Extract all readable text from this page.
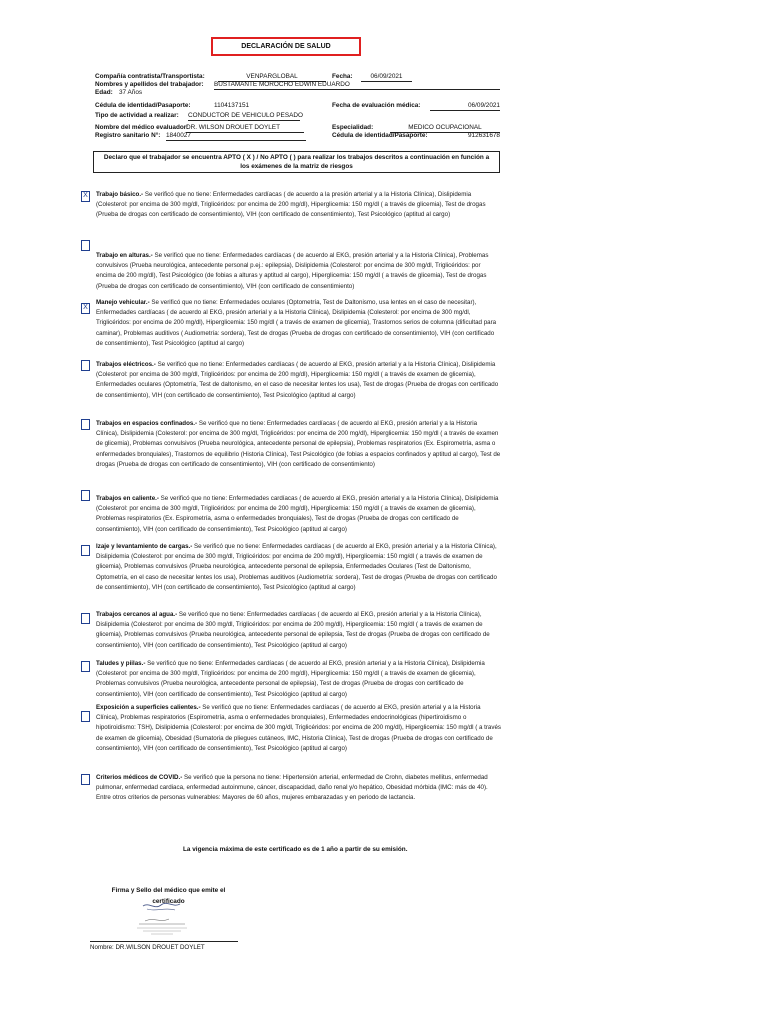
DECLARACIÓN DE SALUD
Compañía contratista/Transportista:	VENPARGLOBAL	Fecha:	06/09/2021
Nombres y apellidos del trabajador: BUSTAMANTE MOROCHO EDWIN EDUARDO
Edad: 37 Años
Cédula de identidad/Pasaporte:	1104137151	Fecha de evaluación médica:	06/09/2021
Tipo de actividad a realizar: CONDUCTOR DE VEHICULO PESADO
Nombre del médico evaluador:
DR. WILSON DROUET DOYLET	Especialidad:	MEDICO OCUPACIONAL
Registro sanitario N°: 1840027	Cédula de identidad/Pasaporte:	912631678
Declaro que el trabajador se encuentra APTO ( X ) / No APTO ( ) para realizar los trabajos descritos a continuación en función a
los exámenes de la matriz de riesgos
X	Trabajo básico.- Se verificó que no tiene: Enfermedades cardíacas ( de acuerdo a la presión arterial y a la Historia Clínica), Dislipidemia (Colesterol: por encima de 300 mg/dl, Triglicéridos: por encima de 200 mg/dl), Hiperglicemia: 150 mg/dl ( a través de glicemia), Test de drogas (Prueba de drogas con certificado de consentimiento), VIH (con certificado de consentimiento), Test Psicológico (aptitud al cargo)
Trabajo en alturas.- Se verificó que no tiene: Enfermedades cardíacas ( de acuerdo al EKG, presión arterial y a la Historia Clínica), Problemas convulsivos (Prueba neurológica, antecedente personal p.ej.: epilepsia), Dislipidemia (Colesterol: por encima de 300 mg/dl, Triglicéridos: por encima de 200 mg/dl), Test Psicológico (de fobias a alturas y aptitud al cargo), Hiperglicemia: 150 mg/dl ( a través de glicemia), Test de drogas (Prueba de drogas con certificado de consentimiento), VIH (con certificado de consentimiento)
X
Manejo vehicular.- Se verificó que no tiene: Enfermedades oculares (Optometría, Test de Daltonismo, usa lentes en el caso de necesitar), Enfermedades cardíacas ( de acuerdo al EKG, presión arterial y a la Historia Clínica), Dislipidemia (Colesterol: por encima de 300 mg/dl, Triglicéridos: por encima de 200 mg/dl), Hiperglicemia: 150 mg/dl ( a través de examen de glicemia), Trastornos serios de columna (dificultad para caminar), Problemas auditivos ( Audiometría: sordera), Test de drogas (Prueba de drogas con certificado de consentimiento), VIH (con certificado de consentimiento), Test Psicológico (aptitud al cargo)
Trabajos eléctricos.- Se verificó que no tiene: Enfermedades cardíacas ( de acuerdo al EKG, presión arterial y a la Historia Clínica), Dislipidemia (Colesterol: por encima de 300 mg/dl, Triglicéridos: por encima de 200 mg/dl), Hiperglicemia: 150 mg/dl ( a través de examen de glicemia), Enfermedades oculares (Optometría, Test de daltonismo, en el caso de necesitar lentes los usa), Test de drogas (Prueba de drogas con certificado de consentimiento), VIH (con certificado de consentimiento), Test Psicológico (aptitud al cargo)
Trabajos en espacios confinados.- Se verificó que no tiene: Enfermedades cardíacas ( de acuerdo al EKG, presión arterial y a la Historia Clínica), Dislipidemia (Colesterol: por encima de 300 mg/dl, Triglicéridos: por encima de 200 mg/dl), Hiperglicemia: 150 mg/dl ( a través de examen de glicemia), Problemas convulsivos (Prueba neurológica, antecedente personal de epilepsia), Problemas respiratorios (Ex. Espirometría, asma o enfermedades bronquiales), Trastornos de equilibrio (Historia Clínica), Test Psicológico (de fobias a espacios confinados y aptitud al cargo), Test de drogas (Prueba de drogas con certificado de consentimiento), VIH (con certificado de consentimiento)
Trabajos en caliente.- Se verificó que no tiene: Enfermedades cardíacas ( de acuerdo al EKG, presión arterial y a la Historia Clínica), Dislipidemia (Colesterol: por encima de 300 mg/dl, Triglicéridos: por encima de 200 mg/dl), Hiperglicemia: 150 mg/dl ( a través de examen de glicemia), Problemas respiratorios (Ex. Espirometría, asma o enfermedades bronquiales), Test de drogas (Prueba de drogas con certificado de consentimiento), VIH (con certificado de consentimiento), Test Psicológico (aptitud al cargo)
Izaje y levantamiento de cargas.- Se verificó que no tiene: Enfermedades cardíacas ( de acuerdo al EKG, presión arterial y a la Historia Clínica), Dislipidemia (Colesterol: por encima de 300 mg/dl, Triglicéridos: por encima de 200 mg/dl), Hiperglicemia: 150 mg/dl ( a través de examen de glicemia), Problemas convulsivos (Prueba neurológica, antecedente personal de epilepsia, Enfermedades Oculares (Test de Daltonismo, Optometría, en el caso de necesitar lentes los usa), Problemas auditivos (Audiometría: sordera), Test de drogas (Prueba de drogas con certificado de consentimiento), VIH (con certificado de consentimiento), Test Psicológico (aptitud al cargo)
Trabajos cercanos al agua.- Se verificó que no tiene: Enfermedades cardíacas ( de acuerdo al EKG, presión arterial y a la Historia Clínica), Dislipidemia (Colesterol: por encima de 300 mg/dl, Triglicéridos: por encima de 200 mg/dl), Hiperglicemia: 150 mg/dl ( a través de examen de glicemia), Problemas convulsivos (Prueba neurológica, antecedente personal de epilepsia, Test de drogas (Prueba de drogas con certificado de consentimiento), VIH (con certificado de consentimiento), Test Psicológico (aptitud al cargo)
Taludes y piilas.- Se verificó que no tiene: Enfermedades cardíacas ( de acuerdo al EKG, presión arterial y a la Historia Clínica), Dislipidemia (Colesterol: por encima de 300 mg/dl, Triglicéridos: por encima de 200 mg/dl), Hiperglicemia: 150 mg/dl ( a través de examen de glicemia), Problemas convulsivos (Prueba neurológica, antecedente personal de epilepsia), Test de drogas (Prueba de drogas con certificado de consentimiento), VIH (con certificado de consentimiento), Test Psicológico (aptitud al cargo)
Exposición a superficies calientes.- Se verificó que no tiene: Enfermedades cardíacas ( de acuerdo al EKG, presión arterial y a la Historia Clínica), Problemas respiratorios (Espirometría, asma o enfermedades bronquiales), Enfermedades endocrinológicas (hipertiroidismo o hipotiroidismo: TSH), Dislipidemia (Colesterol: por encima de 300 mg/dl, Triglicéridos: por encima de 200 mg/dl), Hiperglicemia: 150 mg/dl ( a través de examen de glicemia), Obesidad (Sumatoria de pliegues cutáneos, IMC, Historia Clínica), Test de drogas (Prueba de drogas con certificado de consentimiento), VIH (con certificado de consentimiento), Test Psicológico (aptitud al cargo)
Criterios médicos de COVID.- Se verificó que la persona no tiene: Hipertensión arterial, enfermedad de Crohn, diabetes mellitus, enfermedad pulmonar, enfermedad cardiaca, enfermedad autoinmune, cáncer, discapacidad, daño renal y/o hepático, Obesidad mórbida (IMC: más de 40). Entre otros criterios de personas vulnerables: Mayores de 60 años, mujeres embarazadas y en periodo de lactancia.
La vigencia máxima de este certificado es de 1 año a partir de su emisión.
Firma y Sello del médico que emite el certificado
Nombre: DR.WILSON DROUET DOYLET
